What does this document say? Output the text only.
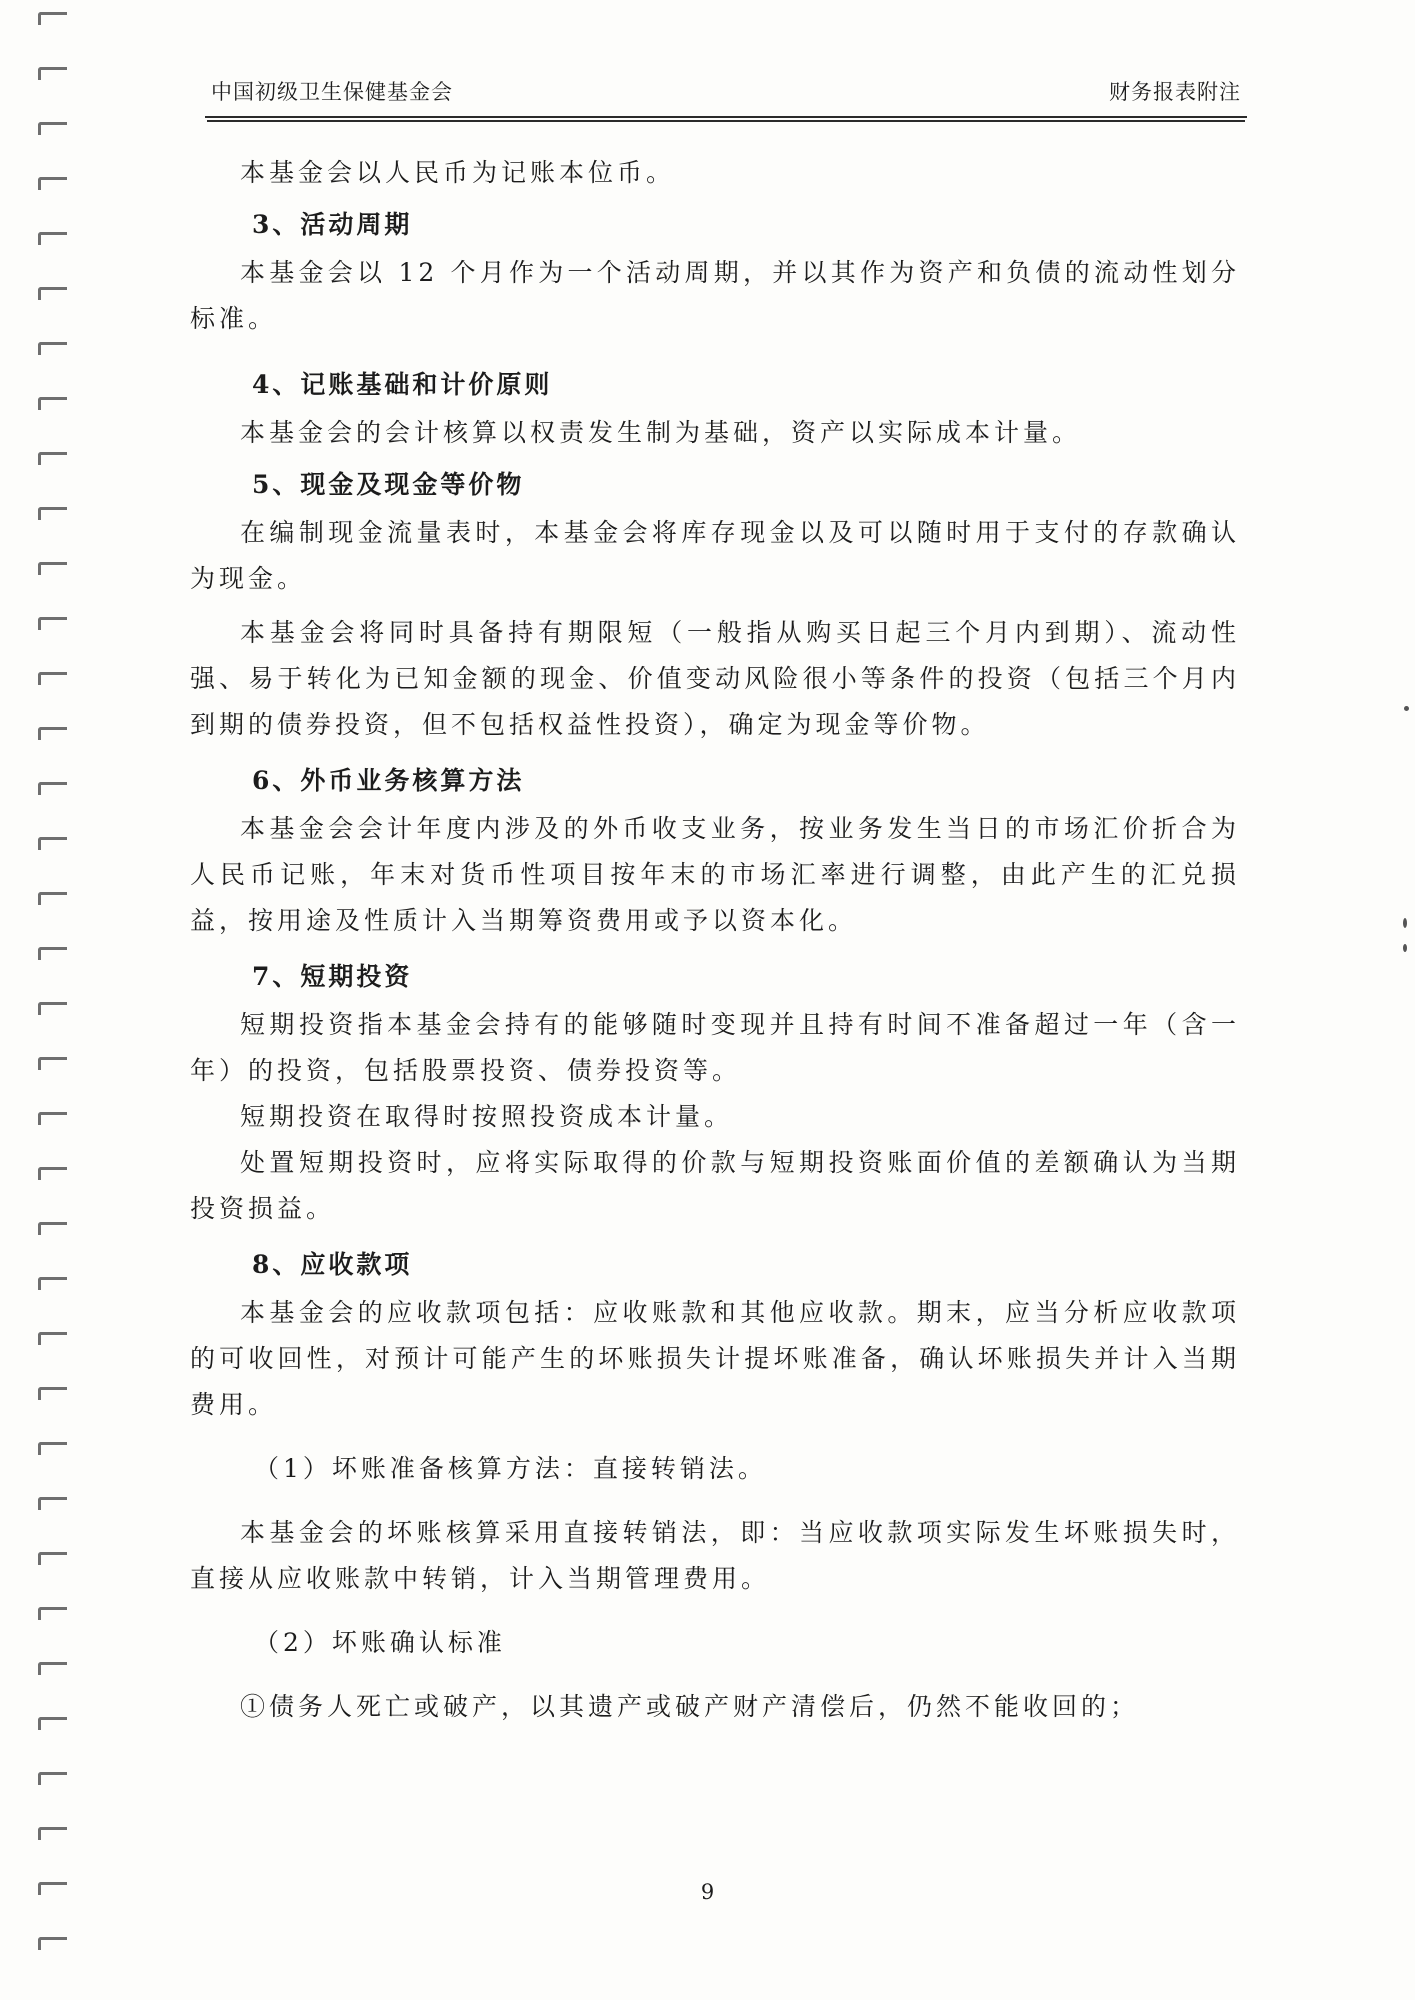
中国初级卫生保健基金会	财务报表附注

本基金会以人民币为记账本位币。

3、活动周期

本基金会以 12 个月作为一个活动周期，并以其作为资产和负债的流动性划分标准。

4、记账基础和计价原则

本基金会的会计核算以权责发生制为基础，资产以实际成本计量。

5、现金及现金等价物

在编制现金流量表时，本基金会将库存现金以及可以随时用于支付的存款确认为现金。

本基金会将同时具备持有期限短（一般指从购买日起三个月内到期）、流动性强、易于转化为已知金额的现金、价值变动风险很小等条件的投资（包括三个月内到期的债券投资，但不包括权益性投资），确定为现金等价物。

6、外币业务核算方法

本基金会会计年度内涉及的外币收支业务，按业务发生当日的市场汇价折合为人民币记账，年末对货币性项目按年末的市场汇率进行调整，由此产生的汇兑损益，按用途及性质计入当期筹资费用或予以资本化。

7、短期投资

短期投资指本基金会持有的能够随时变现并且持有时间不准备超过一年（含一年）的投资，包括股票投资、债券投资等。

短期投资在取得时按照投资成本计量。

处置短期投资时，应将实际取得的价款与短期投资账面价值的差额确认为当期投资损益。

8、应收款项

本基金会的应收款项包括：应收账款和其他应收款。期末，应当分析应收款项的可收回性，对预计可能产生的坏账损失计提坏账准备，确认坏账损失并计入当期费用。

（1）坏账准备核算方法：直接转销法。

本基金会的坏账核算采用直接转销法，即：当应收款项实际发生坏账损失时，直接从应收账款中转销，计入当期管理费用。

（2）坏账确认标准

①债务人死亡或破产，以其遗产或破产财产清偿后，仍然不能收回的；

9
